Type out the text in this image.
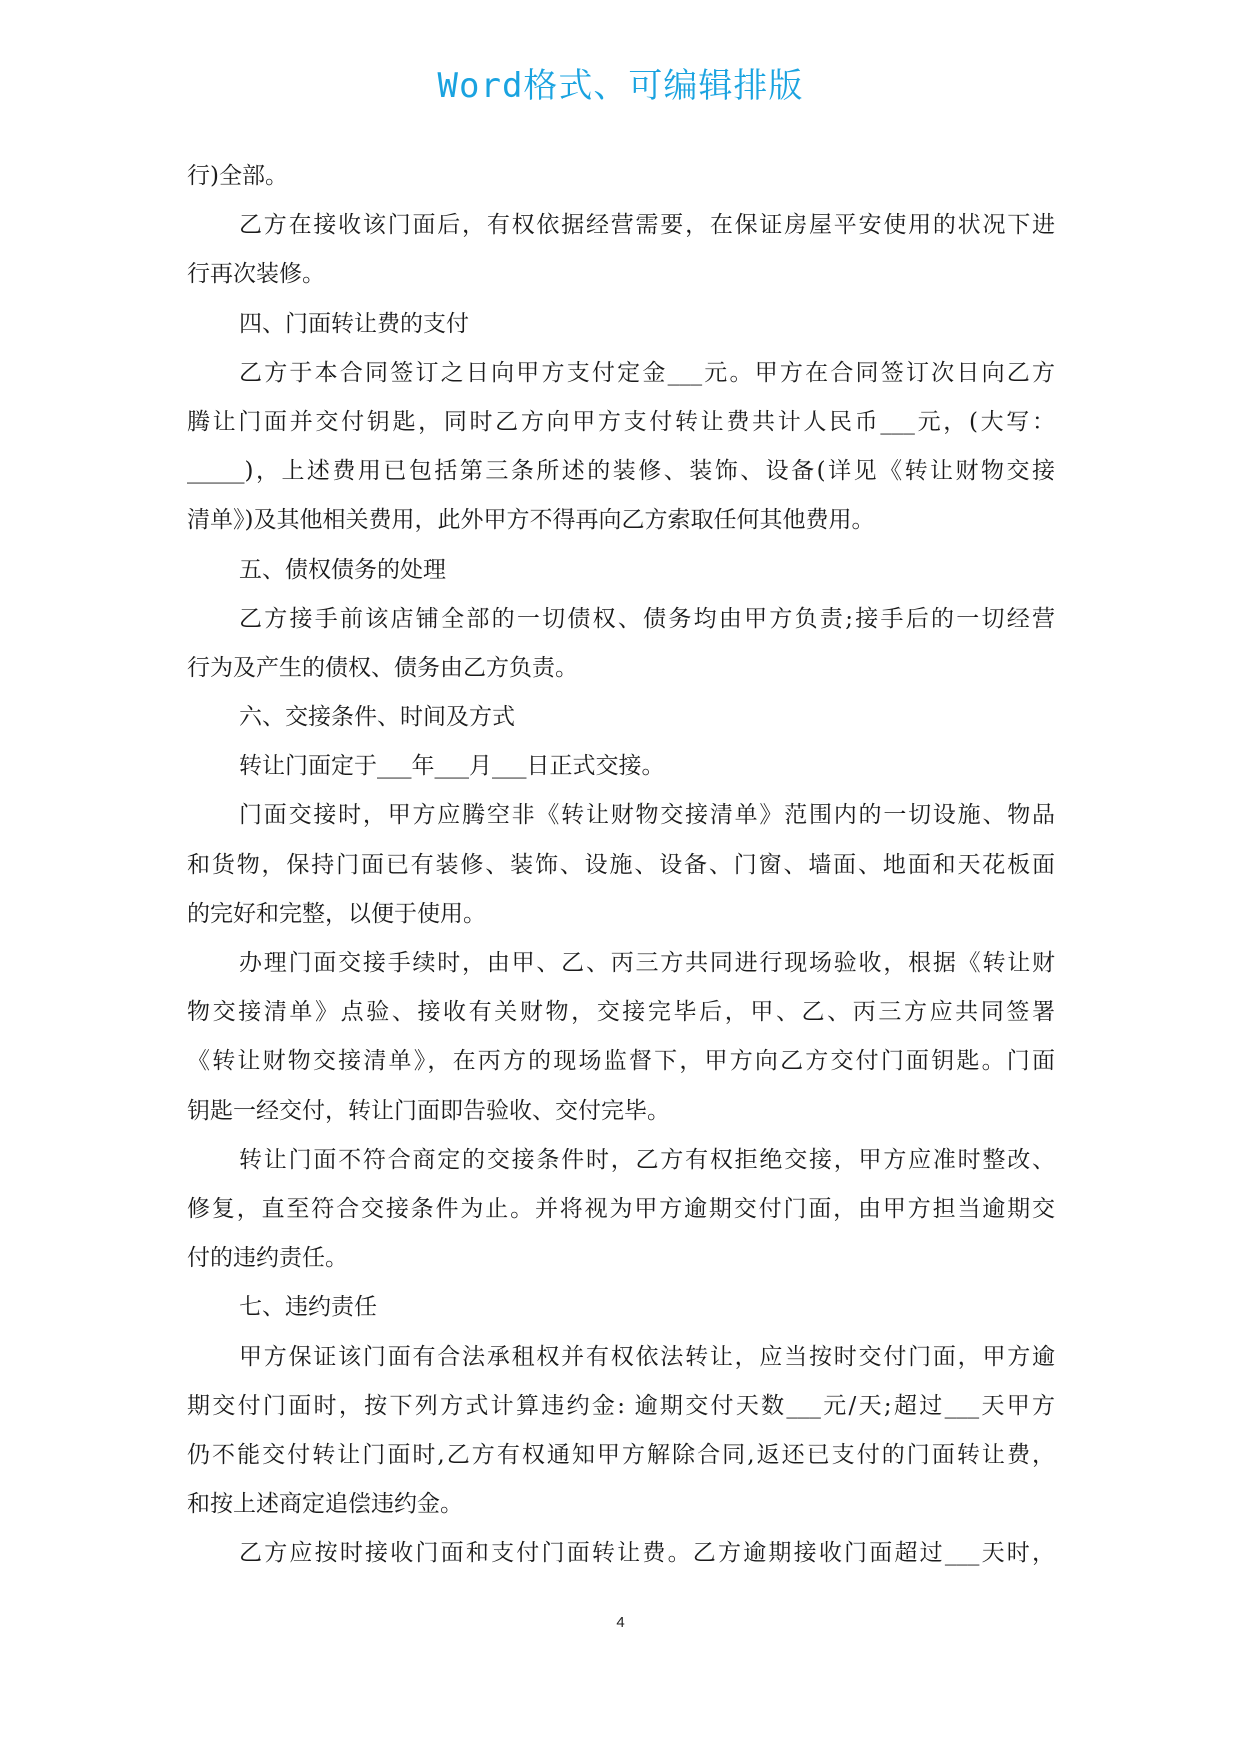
Word格式、可编辑排版
行)全部。
乙方在接收该门面后，有权依据经营需要，在保证房屋平安使用的状况下进
行再次装修。
四、门面转让费的支付
乙方于本合同签订之日向甲方支付定金___元。甲方在合同签订次日向乙方
腾让门面并交付钥匙，同时乙方向甲方支付转让费共计人民币___元，(大写：
_____)，上述费用已包括第三条所述的装修、装饰、设备(详见《转让财物交接
清单》)及其他相关费用，此外甲方不得再向乙方索取任何其他费用。
五、债权债务的处理
乙方接手前该店铺全部的一切债权、债务均由甲方负责;接手后的一切经营
行为及产生的债权、债务由乙方负责。
六、交接条件、时间及方式
转让门面定于___年___月___日正式交接。
门面交接时，甲方应腾空非《转让财物交接清单》范围内的一切设施、物品
和货物，保持门面已有装修、装饰、设施、设备、门窗、墙面、地面和天花板面
的完好和完整，以便于使用。
办理门面交接手续时，由甲、乙、丙三方共同进行现场验收，根据《转让财
物交接清单》点验、接收有关财物，交接完毕后，甲、乙、丙三方应共同签署
《转让财物交接清单》，在丙方的现场监督下，甲方向乙方交付门面钥匙。门面
钥匙一经交付，转让门面即告验收、交付完毕。
转让门面不符合商定的交接条件时，乙方有权拒绝交接，甲方应准时整改、
修复，直至符合交接条件为止。并将视为甲方逾期交付门面，由甲方担当逾期交
付的违约责任。
七、违约责任
甲方保证该门面有合法承租权并有权依法转让，应当按时交付门面，甲方逾
期交付门面时，按下列方式计算违约金: 逾期交付天数___元/天;超过___天甲方
仍不能交付转让门面时,乙方有权通知甲方解除合同,返还已支付的门面转让费，
和按上述商定追偿违约金。
乙方应按时接收门面和支付门面转让费。乙方逾期接收门面超过___天时，
4
